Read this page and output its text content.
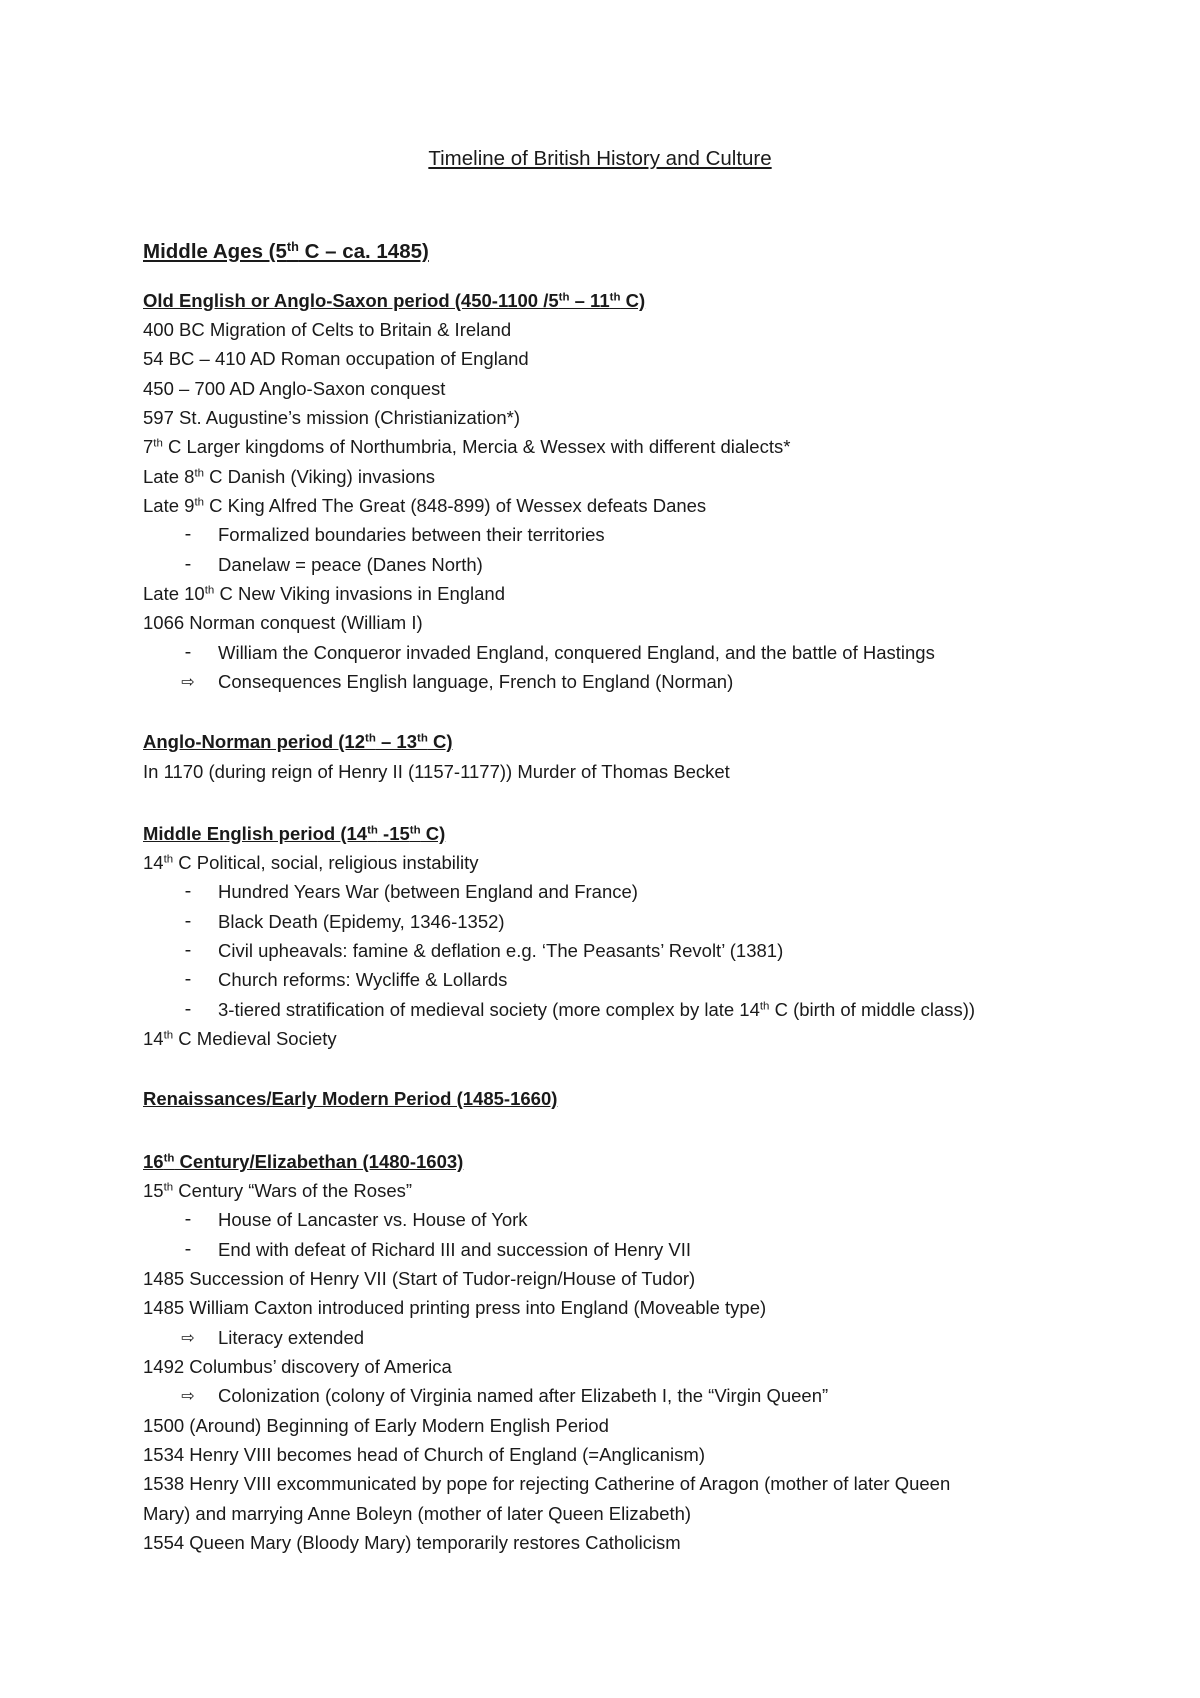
Timeline of British History and Culture
Middle Ages (5th C – ca. 1485)
Old English or Anglo-Saxon period (450-1100 /5th – 11th C)
400 BC Migration of Celts to Britain & Ireland
54 BC – 410 AD Roman occupation of England
450 – 700 AD Anglo-Saxon conquest
597 St. Augustine’s mission (Christianization*)
7th C Larger kingdoms of Northumbria, Mercia & Wessex with different dialects*
Late 8th C Danish (Viking) invasions
Late 9th C King Alfred The Great (848-899) of Wessex defeats Danes
-	Formalized boundaries between their territories
-	Danelaw = peace (Danes North)
Late 10th C New Viking invasions in England
1066 Norman conquest (William I)
-	William the Conqueror invaded England, conquered England, and the battle of Hastings
⇨ Consequences English language, French to England (Norman)
Anglo-Norman period (12th – 13th C)
In 1170 (during reign of Henry II (1157-1177)) Murder of Thomas Becket
Middle English period (14th -15th C)
14th C Political, social, religious instability
-	Hundred Years War (between England and France)
-	Black Death (Epidemy, 1346-1352)
-	Civil upheavals: famine & deflation e.g. ‘The Peasants’ Revolt’ (1381)
-	Church reforms: Wycliffe & Lollards
-	3-tiered stratification of medieval society (more complex by late 14th C (birth of middle class))
14th C Medieval Society
Renaissances/Early Modern Period (1485-1660)
16th Century/Elizabethan (1480-1603)
15th Century “Wars of the Roses”
-	House of Lancaster vs. House of York
-	End with defeat of Richard III and succession of Henry VII
1485 Succession of Henry VII (Start of Tudor-reign/House of Tudor)
1485 William Caxton introduced printing press into England (Moveable type)
⇨ Literacy extended
1492 Columbus’ discovery of America
⇨ Colonization (colony of Virginia named after Elizabeth I, the “Virgin Queen”
1500 (Around) Beginning of Early Modern English Period
1534 Henry VIII becomes head of Church of England (=Anglicanism)
1538 Henry VIII excommunicated by pope for rejecting Catherine of Aragon (mother of later Queen
Mary) and marrying Anne Boleyn (mother of later Queen Elizabeth)
1554 Queen Mary (Bloody Mary) temporarily restores Catholicism
